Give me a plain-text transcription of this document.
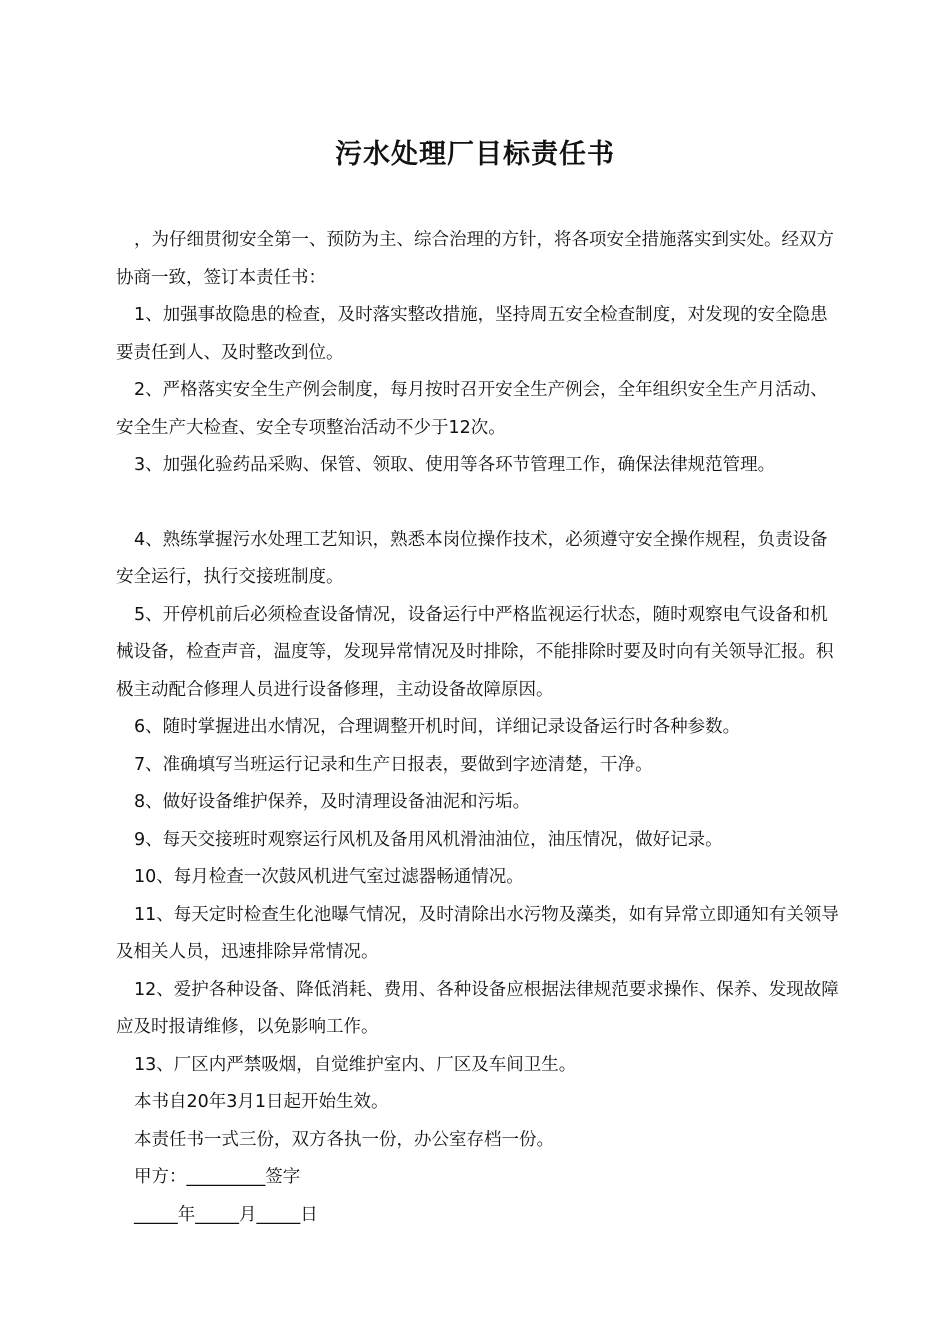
污水处理厂目标责任书

，为仔细贯彻安全第一、预防为主、综合治理的方针，将各项安全措施落实到实处。经双方协商一致，签订本责任书：

1、加强事故隐患的检查，及时落实整改措施，坚持周五安全检查制度，对发现的安全隐患要责任到人、及时整改到位。

2、严格落实安全生产例会制度，每月按时召开安全生产例会，全年组织安全生产月活动、安全生产大检查、安全专项整治活动不少于12次。

3、加强化验药品采购、保管、领取、使用等各环节管理工作，确保法律规范管理。

4、熟练掌握污水处理工艺知识，熟悉本岗位操作技术，必须遵守安全操作规程，负责设备安全运行，执行交接班制度。

5、开停机前后必须检查设备情况，设备运行中严格监视运行状态，随时观察电气设备和机械设备，检查声音，温度等，发现异常情况及时排除，不能排除时要及时向有关领导汇报。积极主动配合修理人员进行设备修理，主动设备故障原因。

6、随时掌握进出水情况，合理调整开机时间，详细记录设备运行时各种参数。

7、准确填写当班运行记录和生产日报表，要做到字迹清楚，干净。

8、做好设备维护保养，及时清理设备油泥和污垢。

9、每天交接班时观察运行风机及备用风机滑油油位，油压情况，做好记录。

10、每月检查一次鼓风机进气室过滤器畅通情况。

11、每天定时检查生化池曝气情况，及时清除出水污物及藻类，如有异常立即通知有关领导及相关人员，迅速排除异常情况。

12、爱护各种设备、降低消耗、费用、各种设备应根据法律规范要求操作、保养、发现故障应及时报请维修，以免影响工作。

13、厂区内严禁吸烟，自觉维护室内、厂区及车间卫生。

本书自20年3月1日起开始生效。

本责任书一式三份，双方各执一份，办公室存档一份。

甲方：_________签字

_____年_____月_____日
